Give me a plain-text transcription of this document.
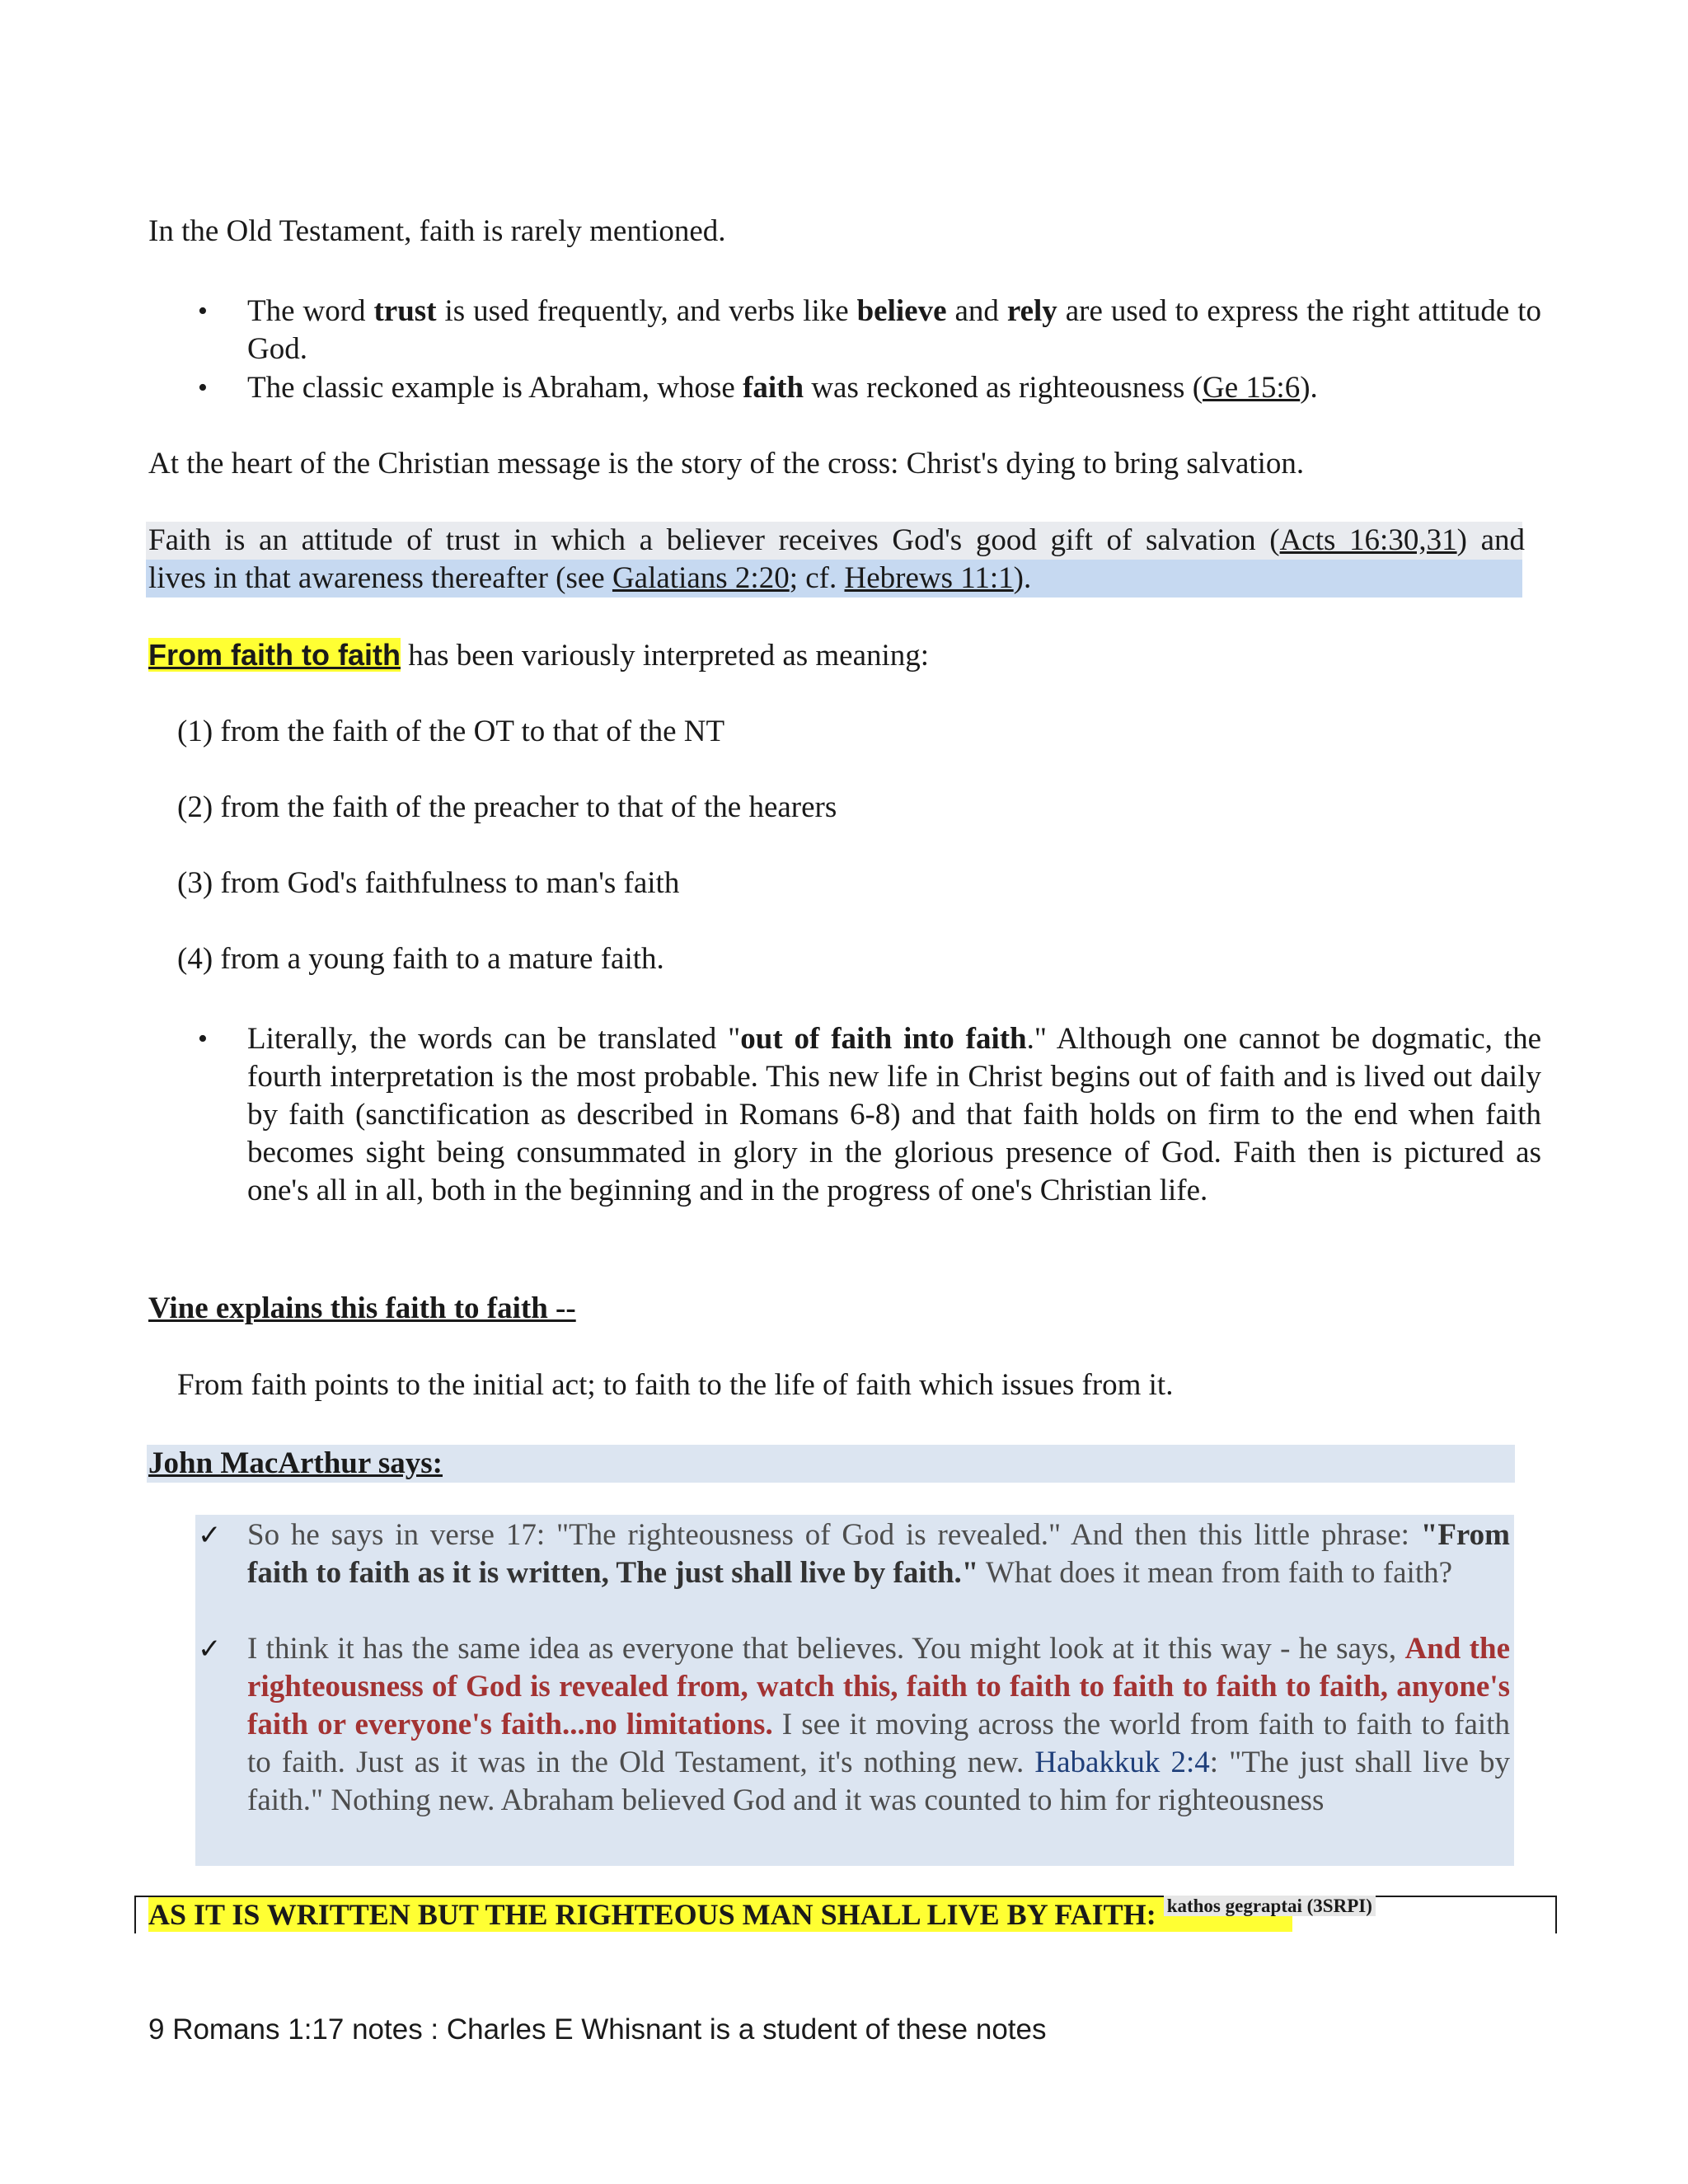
In the Old Testament, faith is rarely mentioned.
• The word trust is used frequently, and verbs like believe and rely are used to express the right attitude to God.
• The classic example is Abraham, whose faith was reckoned as righteousness (Ge 15:6).
At the heart of the Christian message is the story of the cross: Christ's dying to bring salvation.
Faith is an attitude of trust in which a believer receives God's good gift of salvation (Acts 16:30,31) and
lives in that awareness thereafter (see Galatians 2:20; cf. Hebrews 11:1).
From faith to faith has been variously interpreted as meaning:
(1) from the faith of the OT to that of the NT
(2) from the faith of the preacher to that of the hearers
(3) from God's faithfulness to man's faith
(4) from a young faith to a mature faith.
• Literally, the words can be translated "out of faith into faith." Although one cannot be dogmatic, the fourth interpretation is the most probable. This new life in Christ begins out of faith and is lived out daily by faith (sanctification as described in Romans 6-8) and that faith holds on firm to the end when faith becomes sight being consummated in glory in the glorious presence of God. Faith then is pictured as one's all in all, both in the beginning and in the progress of one's Christian life.
Vine explains this faith to faith --
From faith points to the initial act; to faith to the life of faith which issues from it.
John MacArthur says:
✓ So he says in verse 17: "The righteousness of God is revealed." And then this little phrase: "From faith to faith as it is written, The just shall live by faith." What does it mean from faith to faith?
✓ I think it has the same idea as everyone that believes. You might look at it this way - he says, And the righteousness of God is revealed from, watch this, faith to faith to faith to faith to faith, anyone's faith or everyone's faith...no limitations. I see it moving across the world from faith to faith to faith to faith. Just as it was in the Old Testament, it's nothing new. Habakkuk 2:4: "The just shall live by faith." Nothing new. Abraham believed God and it was counted to him for righteousness
AS IT IS WRITTEN BUT THE RIGHTEOUS MAN SHALL LIVE BY FAITH: $^{kathos gegraptai (3SRPI)}$
9 Romans 1:17 notes : Charles E Whisnant is a student of these notes
